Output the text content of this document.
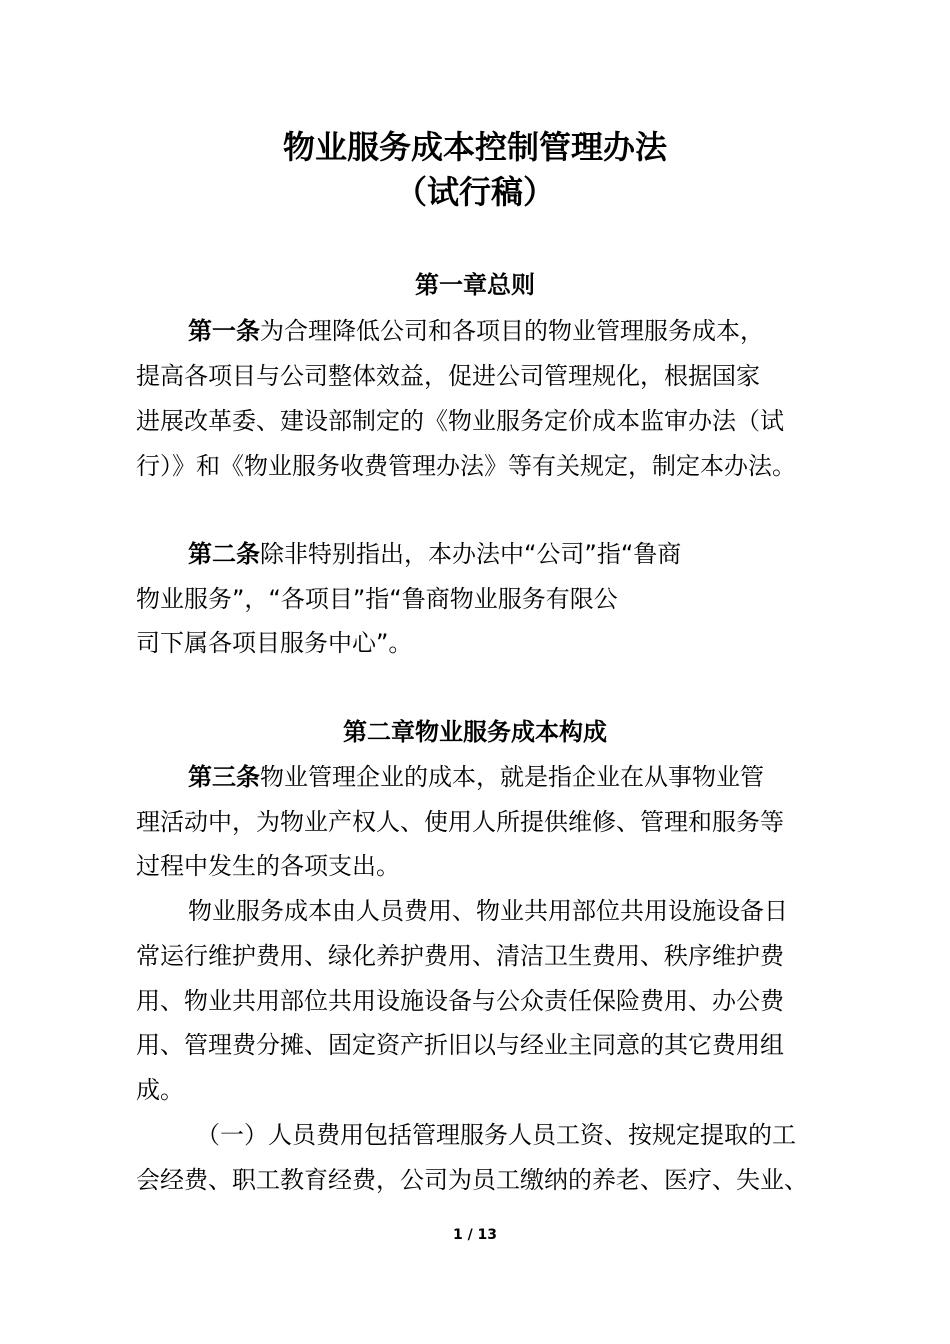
物业服务成本控制管理办法
（试行稿）
第一章总则

第一条为合理降低公司和各项目的物业管理服务成本，

提高各项目与公司整体效益，促进公司管理规化，根据国家

进展改革委、建设部制定的《物业服务定价成本监审办法（试

行）》和《物业服务收费管理办法》等有关规定，制定本办法。

第二条除非特别指出，本办法中“公司”指“鲁商

物业服务”，“各项目”指“鲁商物业服务有限公

司下属各项目服务中心”。

第二章物业服务成本构成

第三条物业管理企业的成本，就是指企业在从事物业管

理活动中，为物业产权人、使用人所提供维修、管理和服务等

过程中发生的各项支出。

物业服务成本由人员费用、物业共用部位共用设施设备日

常运行维护费用、绿化养护费用、清洁卫生费用、秩序维护费

用、物业共用部位共用设施设备与公众责任保险费用、办公费

用、管理费分摊、固定资产折旧以与经业主同意的其它费用组

成。

（一）人员费用包括管理服务人员工资、按规定提取的工

会经费、职工教育经费，公司为员工缴纳的养老、医疗、失业、

1 / 13
